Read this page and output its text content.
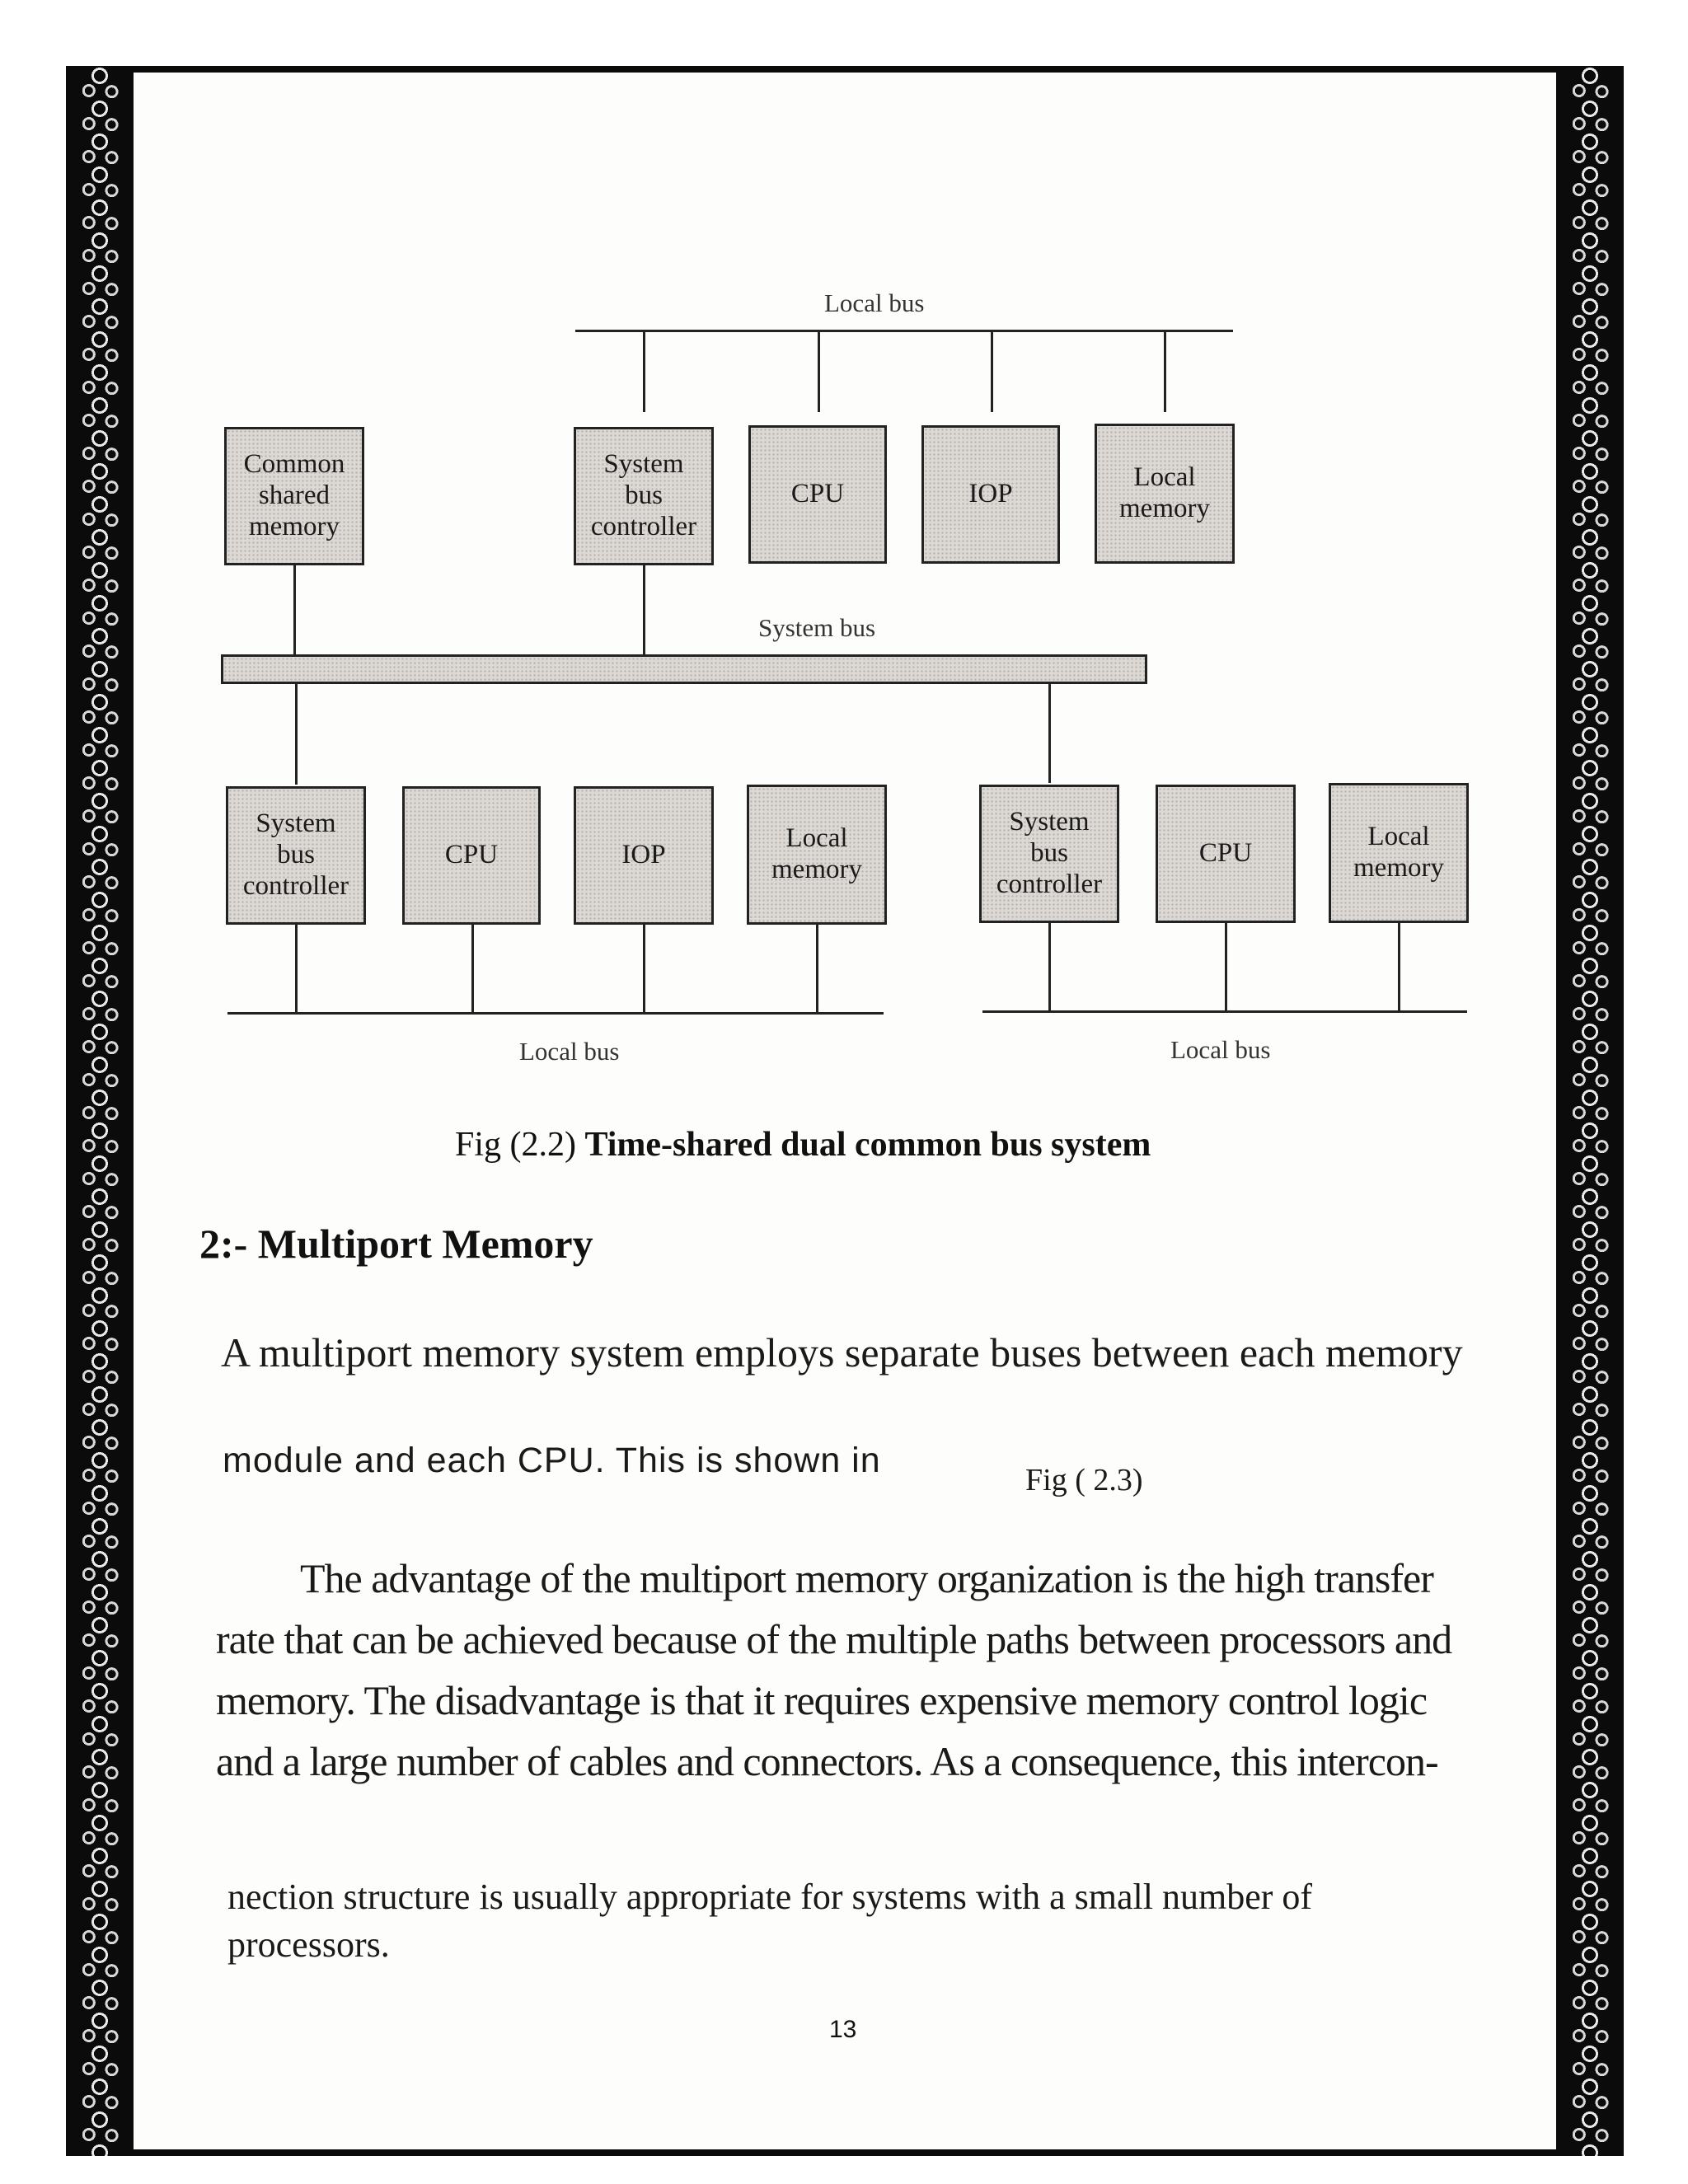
Local bus
Common
shared
memory
System
bus
controller
CPU	IOP
Local
memory
System bus
System
bus
controller
CPU	IOP
Local
memory
System
bus
controller
CPU
Local
memory
Local bus	Local bus
Fig (2.2) Time-shared dual common bus system
2:- Multiport Memory
A multiport memory system employs separate buses between each memory
module and each CPU. This is shown in	Fig ( 2.3)
The advantage of the multiport memory organization is the high transfer
rate that can be achieved because of the multiple paths between processors and
memory. The disadvantage is that it requires expensive memory control logic
and a large number of cables and connectors. As a consequence, this intercon-
nection structure is usually appropriate for systems with a small number of
processors.
13
